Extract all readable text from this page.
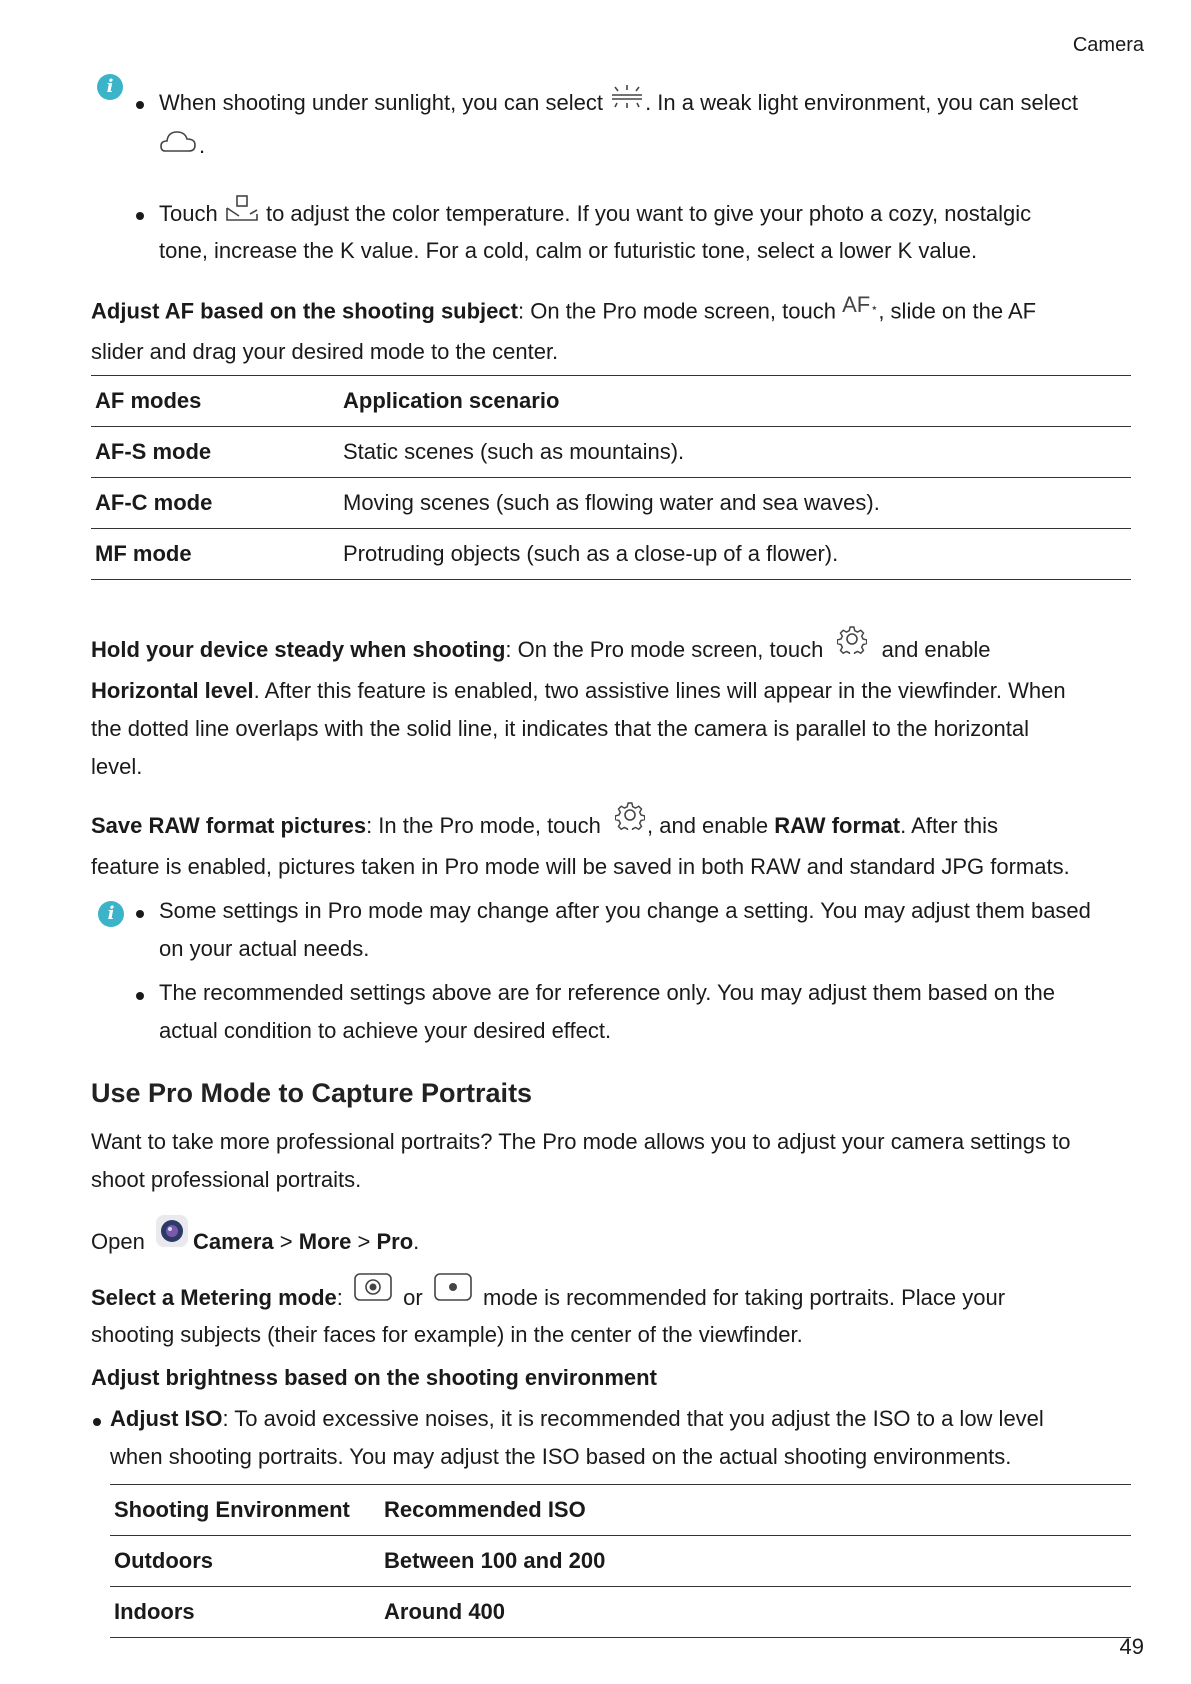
Camera
i
When shooting under sunlight, you can select . In a weak light environment, you can select
.
Touch to adjust the color temperature. If you want to give your photo a cozy, nostalgic
tone, increase the K value. For a cold, calm or futuristic tone, select a lower K value.

Adjust AF based on the shooting subject: On the Pro mode screen, touch AF⋆, slide on the AF
slider and drag your desired mode to the center.

AF modes	Application scenario
AF-S mode	Static scenes (such as mountains).
AF-C mode	Moving scenes (such as flowing water and sea waves).
MF mode	Protruding objects (such as a close-up of a flower).

Hold your device steady when shooting: On the Pro mode screen, touch	and enable
Horizontal level. After this feature is enabled, two assistive lines will appear in the viewfinder. When
the dotted line overlaps with the solid line, it indicates that the camera is parallel to the horizontal
level.

Save RAW format pictures: In the Pro mode, touch , and enable RAW format. After this
feature is enabled, pictures taken in Pro mode will be saved in both RAW and standard JPG formats.

i	Some settings in Pro mode may change after you change a setting. You may adjust them based
on your actual needs.
The recommended settings above are for reference only. You may adjust them based on the
actual condition to achieve your desired effect.
Use Pro Mode to Capture Portraits
Want to take more professional portraits? The Pro mode allows you to adjust your camera settings to
shoot professional portraits.
Open Camera > More > Pro.
Select a Metering mode:	or	mode is recommended for taking portraits. Place your
shooting subjects (their faces for example) in the center of the viewfinder.
Adjust brightness based on the shooting environment
Adjust ISO: To avoid excessive noises, it is recommended that you adjust the ISO to a low level
when shooting portraits. You may adjust the ISO based on the actual shooting environments.
Shooting Environment	Recommended ISO
Outdoors	Between 100 and 200
Indoors	Around 400
49
